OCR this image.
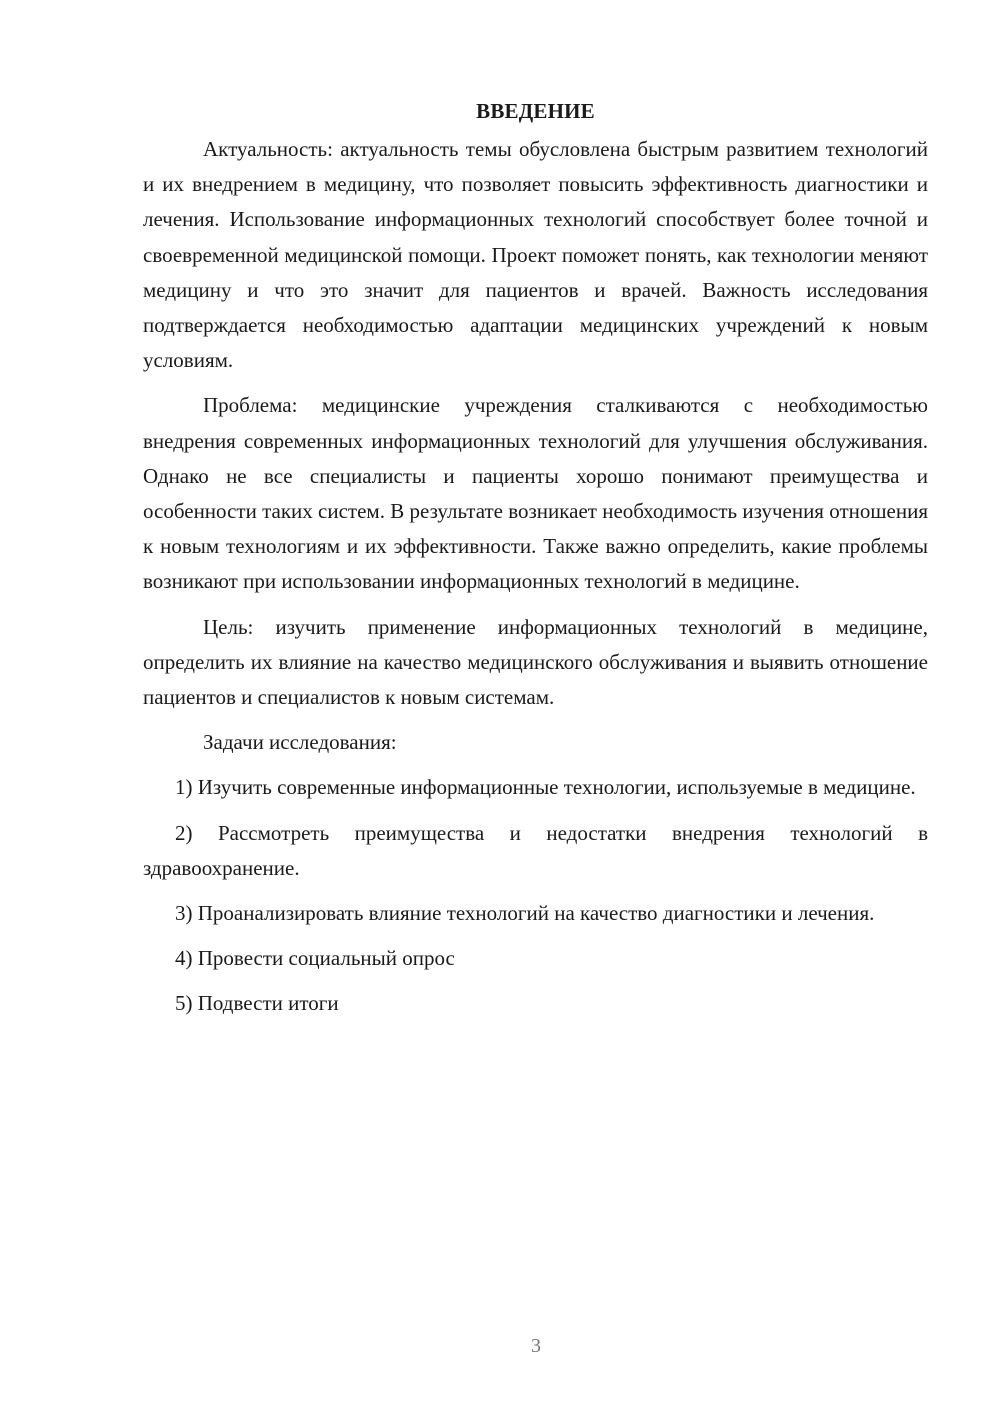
ВВЕДЕНИЕ

Актуальность: актуальность темы обусловлена быстрым развитием технологий и их внедрением в медицину, что позволяет повысить эффективность диагностики и лечения. Использование информационных технологий способствует более точной и своевременной медицинской помощи. Проект поможет понять, как технологии меняют медицину и что это значит для пациентов и врачей. Важность исследования подтверждается необходимостью адаптации медицинских учреждений к новым условиям.

Проблема: медицинские учреждения сталкиваются с необходимостью внедрения современных информационных технологий для улучшения обслуживания. Однако не все специалисты и пациенты хорошо понимают преимущества и особенности таких систем. В результате возникает необходимость изучения отношения к новым технологиям и их эффективности. Также важно определить, какие проблемы возникают при использовании информационных технологий в медицине.

Цель: изучить применение информационных технологий в медицине, определить их влияние на качество медицинского обслуживания и выявить отношение пациентов и специалистов к новым системам.

Задачи исследования:

1) Изучить современные информационные технологии, используемые в медицине.

2) Рассмотреть преимущества и недостатки внедрения технологий в здравоохранение.

3) Проанализировать влияние технологий на качество диагностики и лечения.

4) Провести социальный опрос

5) Подвести итоги

3
